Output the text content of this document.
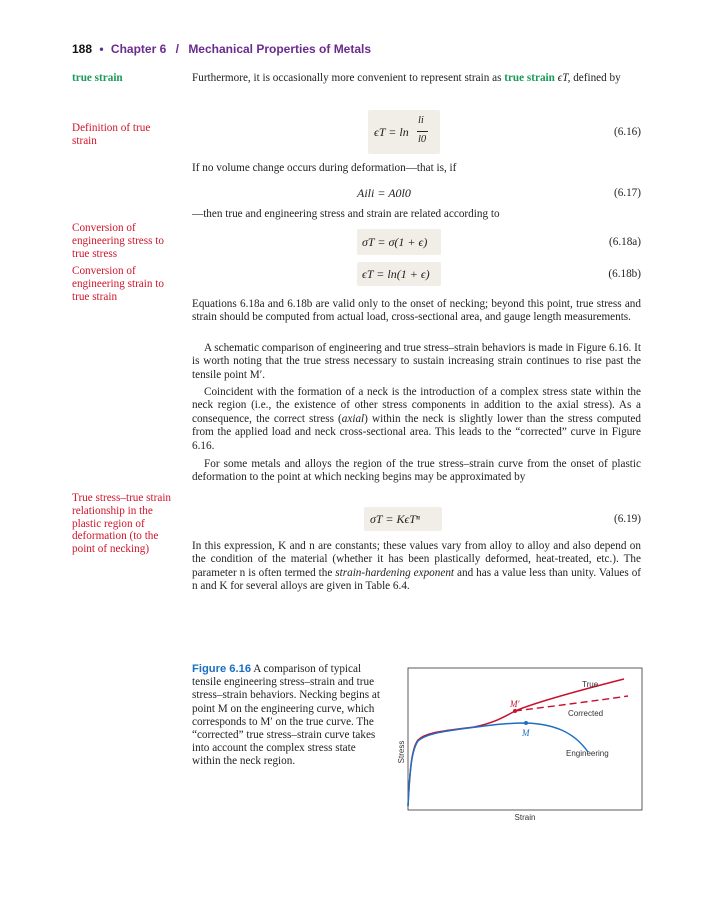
188 • Chapter 6 / Mechanical Properties of Metals
true strain
Definition of true strain
Conversion of engineering stress to true stress
Conversion of engineering strain to true strain
True stress–true strain relationship in the plastic region of deformation (to the point of necking)
Furthermore, it is occasionally more convenient to represent strain as true strain ϵT, defined by
ϵT = ln
li
l0
(6.16)
If no volume change occurs during deformation—that is, if
Aili = A0l0	(6.17)
—then true and engineering stress and strain are related according to
σT = σ(1 + ϵ)	(6.18a)
ϵT = ln(1 + ϵ)	(6.18b)
Equations 6.18a and 6.18b are valid only to the onset of necking; beyond this point, true stress and strain should be computed from actual load, cross-sectional area, and gauge length measurements.
A schematic comparison of engineering and true stress–strain behaviors is made in Figure 6.16. It is worth noting that the true stress necessary to sustain increasing strain continues to rise past the tensile point M′.
Coincident with the formation of a neck is the introduction of a complex stress state within the neck region (i.e., the existence of other stress components in addition to the axial stress). As a consequence, the correct stress (axial) within the neck is slightly lower than the stress computed from the applied load and neck cross-sectional area. This leads to the “corrected” curve in Figure 6.16.
For some metals and alloys the region of the true stress–strain curve from the onset of plastic deformation to the point at which necking begins may be approximated by
σT = KϵTⁿ	(6.19)
In this expression, K and n are constants; these values vary from alloy to alloy and also depend on the condition of the material (whether it has been plastically deformed, heat-treated, etc.). The parameter n is often termed the strain-hardening exponent and has a value less than unity. Values of n and K for several alloys are given in Table 6.4.
Figure 6.16 A comparison of typical tensile engineering stress–strain and true stress–strain behaviors. Necking begins at point M on the engineering curve, which corresponds to M′ on the true curve. The “corrected” true stress–strain curve takes into account the complex stress state within the neck region.
M′
M
True
Corrected
Engineering
Stress
Strain
